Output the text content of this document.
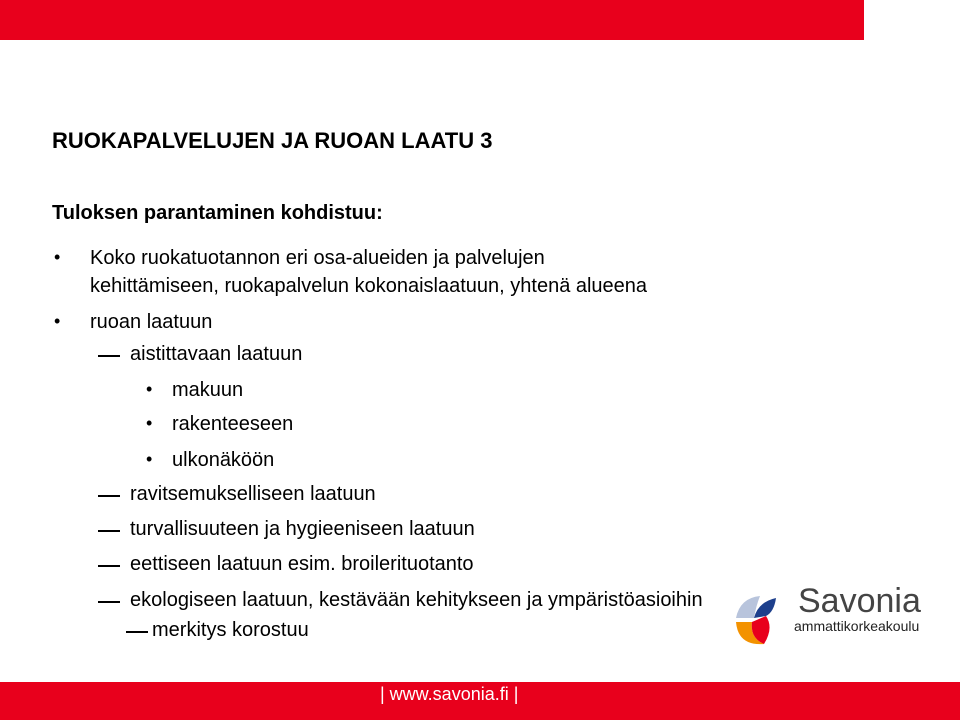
RUOKAPALVELUJEN JA RUOAN LAATU 3
Tuloksen parantaminen kohdistuu:
• Koko ruokatuotannon eri osa-alueiden ja palvelujen
kehittämiseen, ruokapalvelun kokonaislaatuun, yhtenä alueena
• ruoan laatuun
aistittavaan laatuun
• makuun
• rakenteeseen
• ulkonäköön
ravitsemukselliseen laatuun
turvallisuuteen ja hygieeniseen laatuun
eettiseen laatuun esim. broilerituotanto
Savonia
ammattikorkeakoulu
ekologiseen laatuun, kestävään kehitykseen ja ympäristöasioihin
merkitys korostuu
| www.savonia.fi |
